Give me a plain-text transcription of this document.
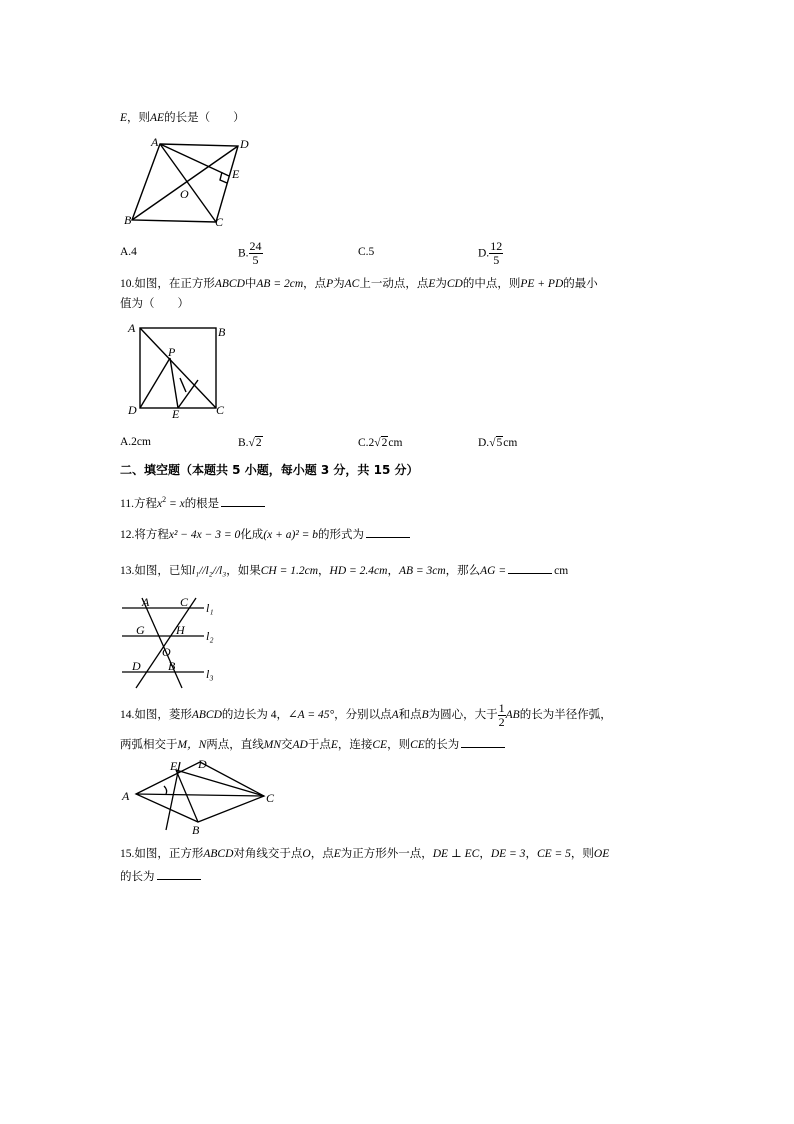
E，则AE的长是（　　）
A	D
E
O
B	C
A.4	B. $\frac{24}{5}$	C.5	D. $\frac{12}{5}$
10.如图，在正方形ABCD中AB = 2cm，点P为AC上一动点，点E为CD的中点，则PE + PD的最小
值为（　　）
A	B
P
D	E	C
A.2cm	B.√2	C.2√2cm	D.√5cm
二、填空题（本题共 5 小题，每小题 3 分，共 15 分）
11.方程$x^2 = x$的根是
12.将方程x² − 4x − 3 = 0化成(x + a)² = b的形式为
13.如图，已知l₁//l₂//l₃，如果CH = 1.2cm，HD = 2.4cm，AB = 3cm，那么AG =	cm
A	C l₁
G	H l₂
O
D B
l₃
14.如图，菱形ABCD的边长为 4，∠A = 45°，分别以点A和点B为圆心，大于 $\frac{1}{2}$ AB的长为半径作弧，
两弧相交于M，N两点，直线MN交AD于点E，连接CE，则CE的长为
A
E D
C
B
15.如图，正方形ABCD对角线交于点O，点E为正方形外一点，DE ⊥ EC，DE = 3，CE = 5，则OE
的长为
